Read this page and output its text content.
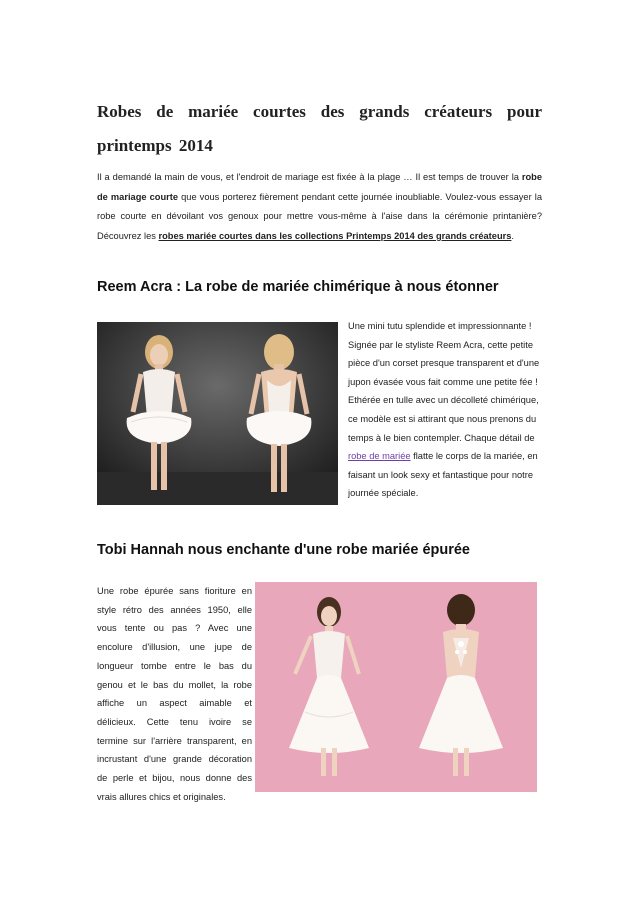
Robes de mariée courtes des grands créateurs pour printemps 2014
Il a demandé la main de vous, et l'endroit de mariage est fixée à la plage … Il est temps de trouver la robe de mariage courte que vous porterez fièrement pendant cette journée inoubliable. Voulez-vous essayer la robe courte en dévoilant vos genoux pour mettre vous-même à l'aise dans la cérémonie printanière? Découvrez les robes mariée courtes dans les collections Printemps 2014 des grands créateurs.
Reem Acra : La robe de mariée chimérique à nous étonner
Une mini tutu splendide et impressionnante ! Signée par le styliste Reem Acra, cette petite pièce d'un corset presque transparent et d'une jupon évasée vous fait comme une petite fée ! Ethérée en tulle avec un décolleté chimérique, ce modèle est si attirant que nous prenons du temps à le bien contempler. Chaque détail de robe de mariée flatte le corps de la mariée, en faisant un look sexy et fantastique pour notre journée spéciale.
Tobi Hannah nous enchante d'une robe mariée épurée
Une robe épurée sans fioriture en style rétro des années 1950, elle vous tente ou pas ? Avec une encolure d'illusion, une jupe de longueur tombe entre le bas du genou et le bas du mollet, la robe affiche un aspect aimable et délicieux. Cette tenu ivoire se termine sur l'arrière transparent, en incrustant d'une grande décoration de perle et bijou, nous donne des vrais allures chics et originales.
